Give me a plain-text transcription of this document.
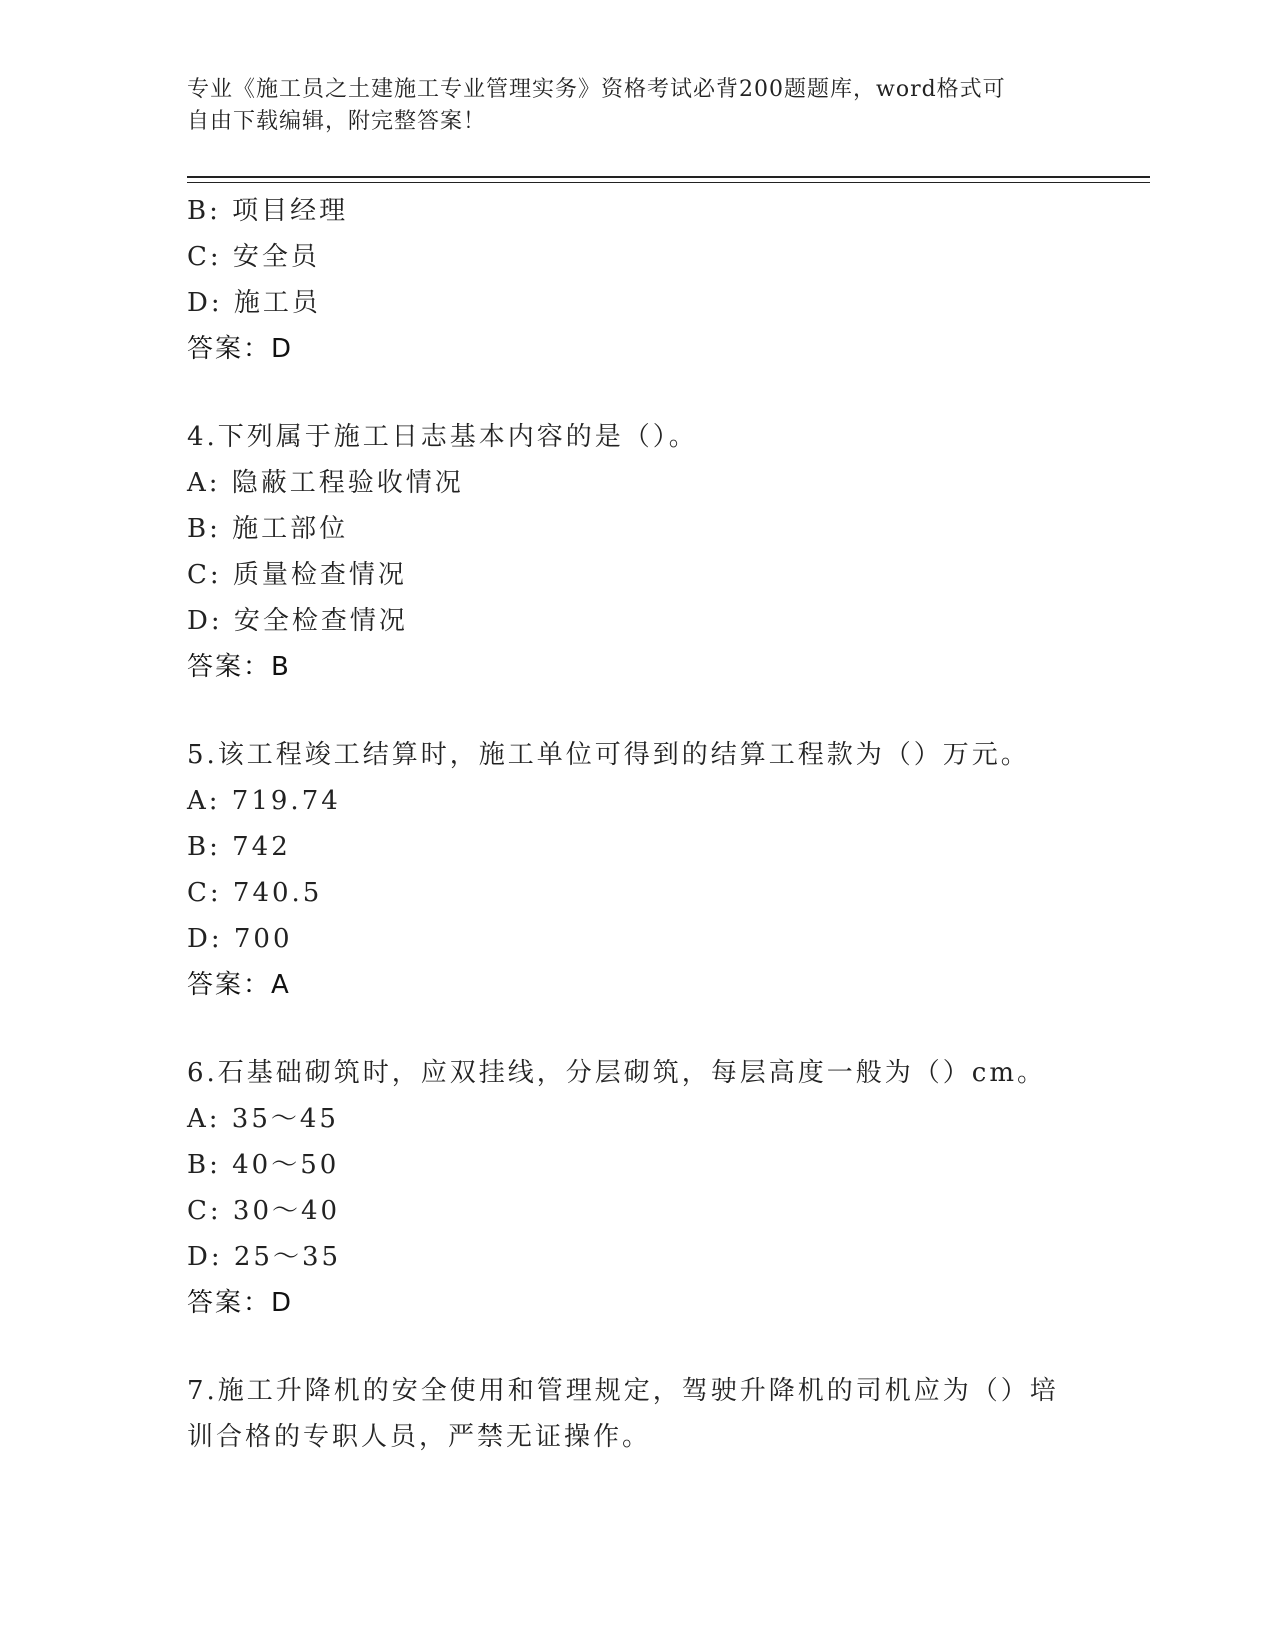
专业《施工员之土建施工专业管理实务》资格考试必背200题题库，word格式可
自由下载编辑，附完整答案！
B: 项目经理
C: 安全员
D: 施工员
答案：D
4.下列属于施工日志基本内容的是（）。
A: 隐蔽工程验收情况
B: 施工部位
C: 质量检查情况
D: 安全检查情况
答案：B
5.该工程竣工结算时，施工单位可得到的结算工程款为（）万元。
A: 719.74
B: 742
C: 740.5
D: 700
答案：A
6.石基础砌筑时，应双挂线，分层砌筑，每层高度一般为（）cm。
A: 35～45
B: 40～50
C: 30～40
D: 25～35
答案：D
7.施工升降机的安全使用和管理规定，驾驶升降机的司机应为（）培
训合格的专职人员，严禁无证操作。
